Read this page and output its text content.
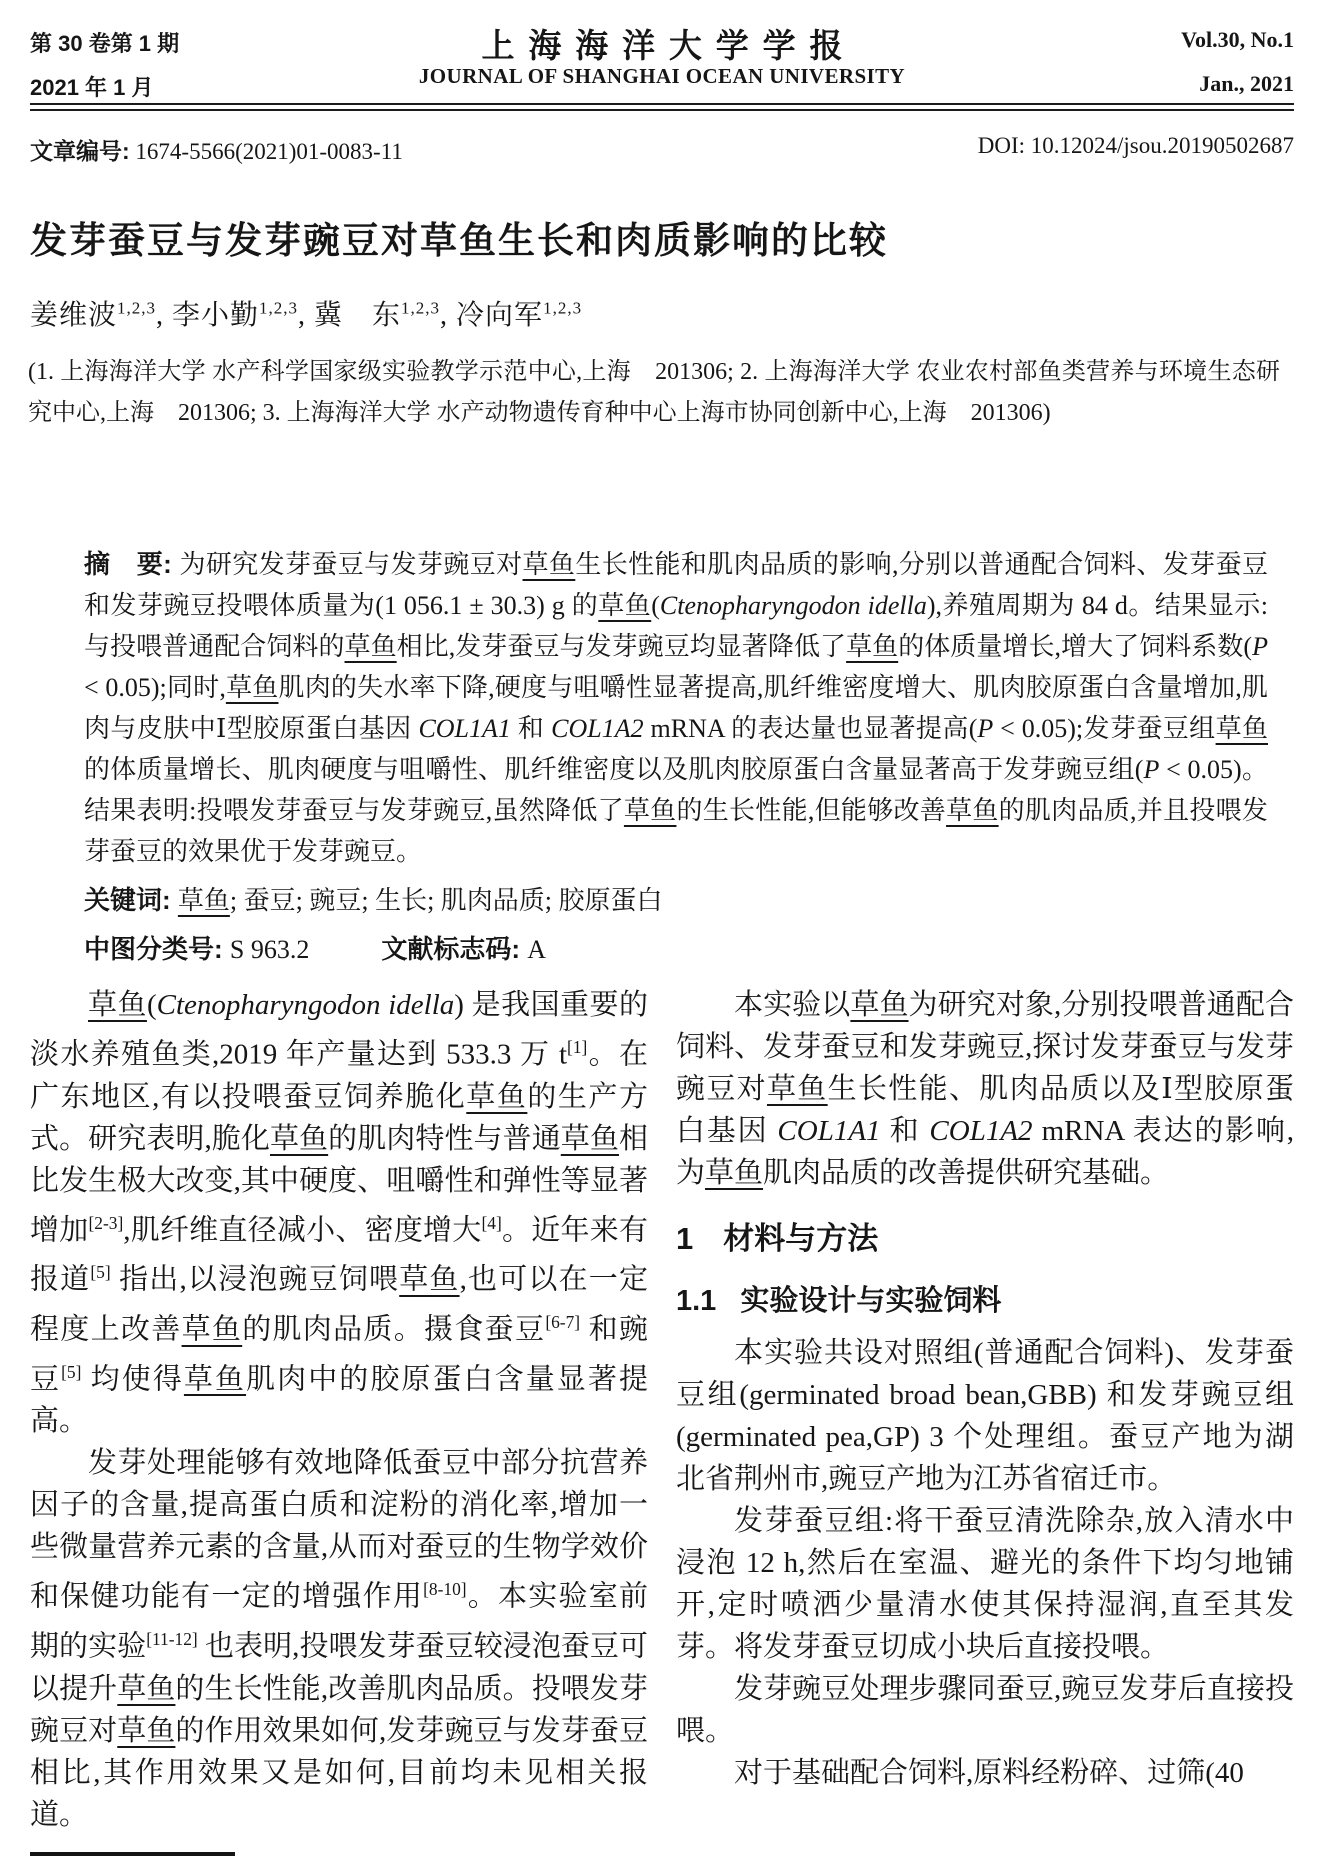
第 30 卷第 1 期	上海海洋大学学报	Vol.30, No.1
2021 年 1 月	JOURNAL OF SHANGHAI OCEAN UNIVERSITY	Jan., 2021
文章编号: 1674-5566(2021)01-0083-11	DOI: 10.12024/jsou.20190502687
发芽蚕豆与发芽豌豆对草鱼生长和肉质影响的比较
姜维波$^{1,2,3}$, 李小勤$^{1,2,3}$, 冀　东$^{1,2,3}$, 冷向军$^{1,2,3}$

(1. 上海海洋大学 水产科学国家级实验教学示范中心,上海　201306; 2. 上海海洋大学 农业农村部鱼类营养与环境生态研究中心,上海　201306; 3. 上海海洋大学 水产动物遗传育种中心上海市协同创新中心,上海　201306)

摘　要: 为研究发芽蚕豆与发芽豌豆对草鱼生长性能和肌肉品质的影响,分别以普通配合饲料、发芽蚕豆和发芽豌豆投喂体质量为(1 056.1 ± 30.3) g 的草鱼(Ctenopharyngodon idella),养殖周期为 84 d。结果显示:与投喂普通配合饲料的草鱼相比,发芽蚕豆与发芽豌豆均显著降低了草鱼的体质量增长,增大了饲料系数(P < 0.05);同时,草鱼肌肉的失水率下降,硬度与咀嚼性显著提高,肌纤维密度增大、肌肉胶原蛋白含量增加,肌肉与皮肤中Ⅰ型胶原蛋白基因 COL1A1 和 COL1A2 mRNA 的表达量也显著提高(P < 0.05);发芽蚕豆组草鱼的体质量增长、肌肉硬度与咀嚼性、肌纤维密度以及肌肉胶原蛋白含量显著高于发芽豌豆组(P < 0.05)。结果表明:投喂发芽蚕豆与发芽豌豆,虽然降低了草鱼的生长性能,但能够改善草鱼的肌肉品质,并且投喂发芽蚕豆的效果优于发芽豌豆。

关键词: 草鱼; 蚕豆; 豌豆; 生长; 肌肉品质; 胶原蛋白

中图分类号: S 963.2	文献标志码: A

草鱼(Ctenopharyngodon idella) 是我国重要的淡水养殖鱼类,2019 年产量达到 533.3 万 t[1]。在广东地区,有以投喂蚕豆饲养脆化草鱼的生产方式。研究表明,脆化草鱼的肌肉特性与普通草鱼相比发生极大改变,其中硬度、咀嚼性和弹性等显著增加[2-3],肌纤维直径减小、密度增大[4]。近年来有报道[5] 指出,以浸泡豌豆饲喂草鱼,也可以在一定程度上改善草鱼的肌肉品质。摄食蚕豆[6-7] 和豌豆[5] 均使得草鱼肌肉中的胶原蛋白含量显著提高。

发芽处理能够有效地降低蚕豆中部分抗营养因子的含量,提高蛋白质和淀粉的消化率,增加一些微量营养元素的含量,从而对蚕豆的生物学效价和保健功能有一定的增强作用[8-10]。本实验室前期的实验[11-12] 也表明,投喂发芽蚕豆较浸泡蚕豆可以提升草鱼的生长性能,改善肌肉品质。投喂发芽豌豆对草鱼的作用效果如何,发芽豌豆与发芽蚕豆相比,其作用效果又是如何,目前均未见相关报道。

本实验以草鱼为研究对象,分别投喂普通配合饲料、发芽蚕豆和发芽豌豆,探讨发芽蚕豆与发芽豌豆对草鱼生长性能、肌肉品质以及Ⅰ型胶原蛋白基因 COL1A1 和 COL1A2 mRNA 表达的影响,为草鱼肌肉品质的改善提供研究基础。

1 材料与方法
1.1 实验设计与实验饲料

本实验共设对照组(普通配合饲料)、发芽蚕豆组(germinated broad bean,GBB) 和发芽豌豆组(germinated pea,GP) 3 个处理组。蚕豆产地为湖北省荆州市,豌豆产地为江苏省宿迁市。

发芽蚕豆组:将干蚕豆清洗除杂,放入清水中浸泡 12 h,然后在室温、避光的条件下均匀地铺开,定时喷洒少量清水使其保持湿润,直至其发芽。将发芽蚕豆切成小块后直接投喂。

发芽豌豆处理步骤同蚕豆,豌豆发芽后直接投喂。

对于基础配合饲料,原料经粉碎、过筛(40
